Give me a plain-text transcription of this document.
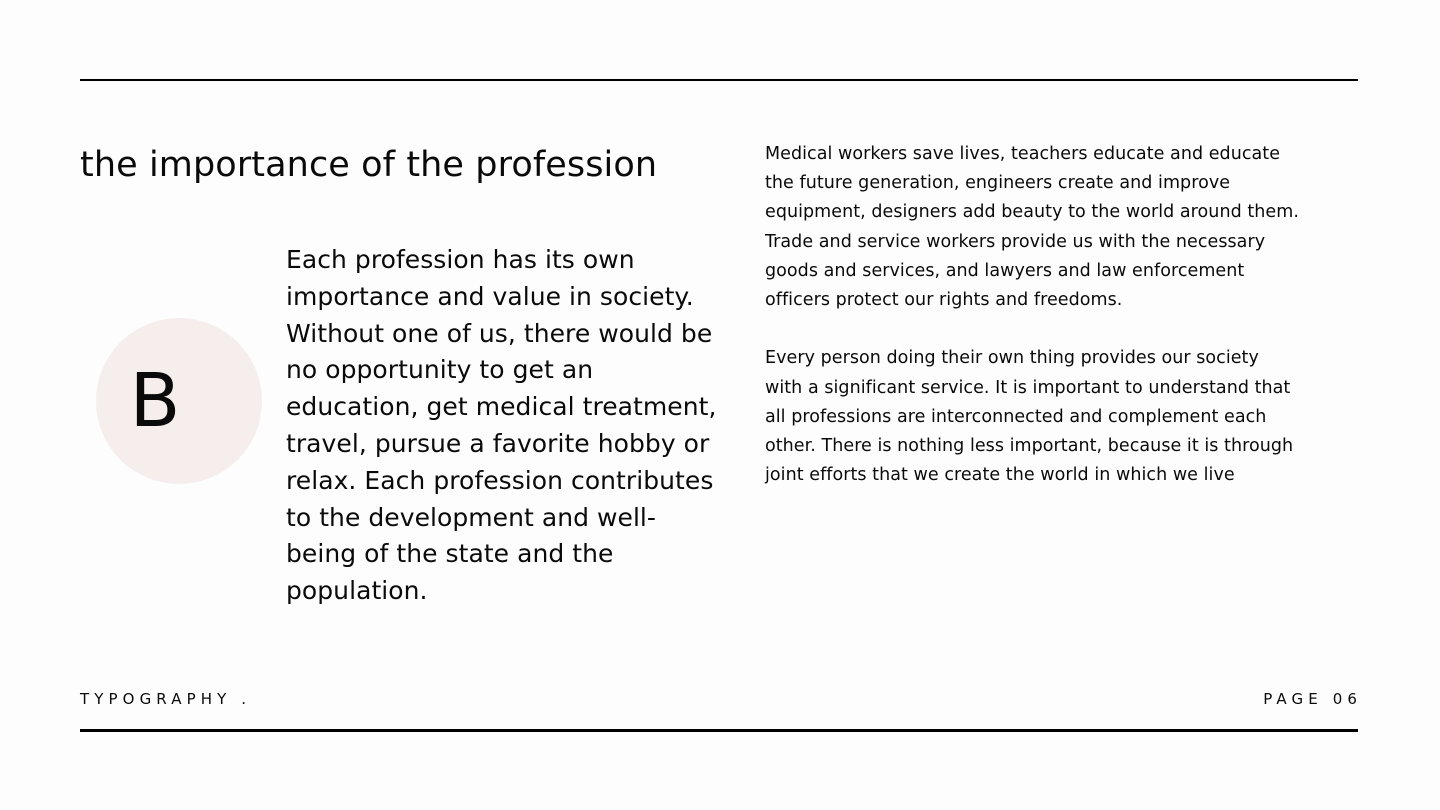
the importance of the profession
B

Each profession has its own importance and value in society. Without one of us, there would be no opportunity to get an education, get medical treatment, travel, pursue a favorite hobby or relax. Each profession contributes to the development and well-being of the state and the population.

Medical workers save lives, teachers educate and educate the future generation, engineers create and improve equipment, designers add beauty to the world around them. Trade and service workers provide us with the necessary goods and services, and lawyers and law enforcement officers protect our rights and freedoms.

Every person doing their own thing provides our society with a significant service. It is important to understand that all professions are interconnected and complement each other. There is nothing less important, because it is through joint efforts that we create the world in which we live

TYPOGRAPHY .	PAGE 06
